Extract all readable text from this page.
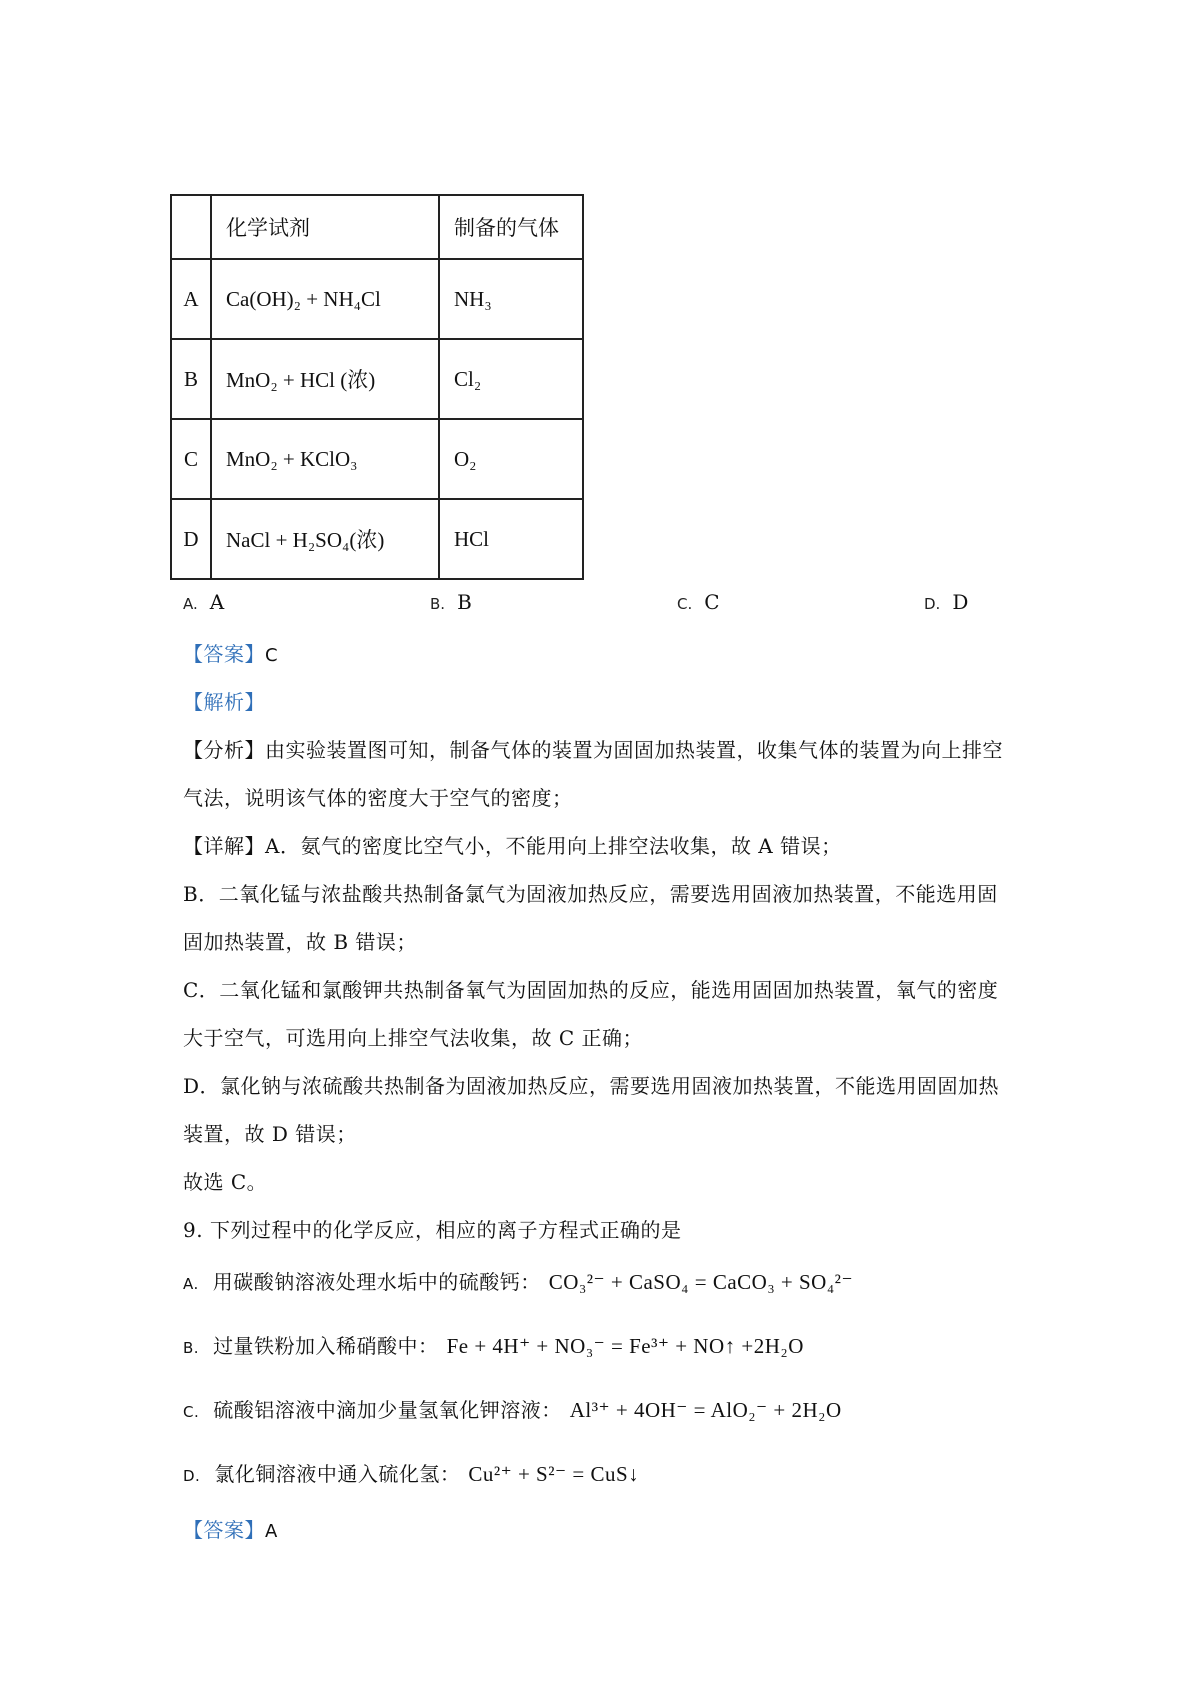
	化学试剂	制备的气体
A	Ca(OH)₂ + NH₄Cl	NH₃
B	MnO₂ + HCl (浓)	Cl₂
C	MnO₂ + KClO₃	O₂
D	NaCl + H₂SO₄(浓)	HCl
A. A	B. B	C. C	D. D
【答案】C
【解析】
【分析】由实验装置图可知，制备气体的装置为固固加热装置，收集气体的装置为向上排空
气法，说明该气体的密度大于空气的密度；
【详解】A．氨气的密度比空气小，不能用向上排空法收集，故 A 错误；
B．二氧化锰与浓盐酸共热制备氯气为固液加热反应，需要选用固液加热装置，不能选用固
固加热装置，故 B 错误；
C．二氧化锰和氯酸钾共热制备氧气为固固加热的反应，能选用固固加热装置，氧气的密度
大于空气，可选用向上排空气法收集，故 C 正确；
D．氯化钠与浓硫酸共热制备为固液加热反应，需要选用固液加热装置，不能选用固固加热
装置，故 D 错误；
故选 C。
9. 下列过程中的化学反应，相应的离子方程式正确的是
A. 用碳酸钠溶液处理水垢中的硫酸钙： CO₃²⁻ + CaSO₄ = CaCO₃ + SO₄²⁻
B. 过量铁粉加入稀硝酸中： Fe + 4H⁺ + NO₃⁻ = Fe³⁺ + NO↑ +2H₂O
C. 硫酸铝溶液中滴加少量氢氧化钾溶液： Al³⁺ + 4OH⁻ = AlO₂⁻ + 2H₂O
D. 氯化铜溶液中通入硫化氢： Cu²⁺ + S²⁻ = CuS↓
【答案】A
